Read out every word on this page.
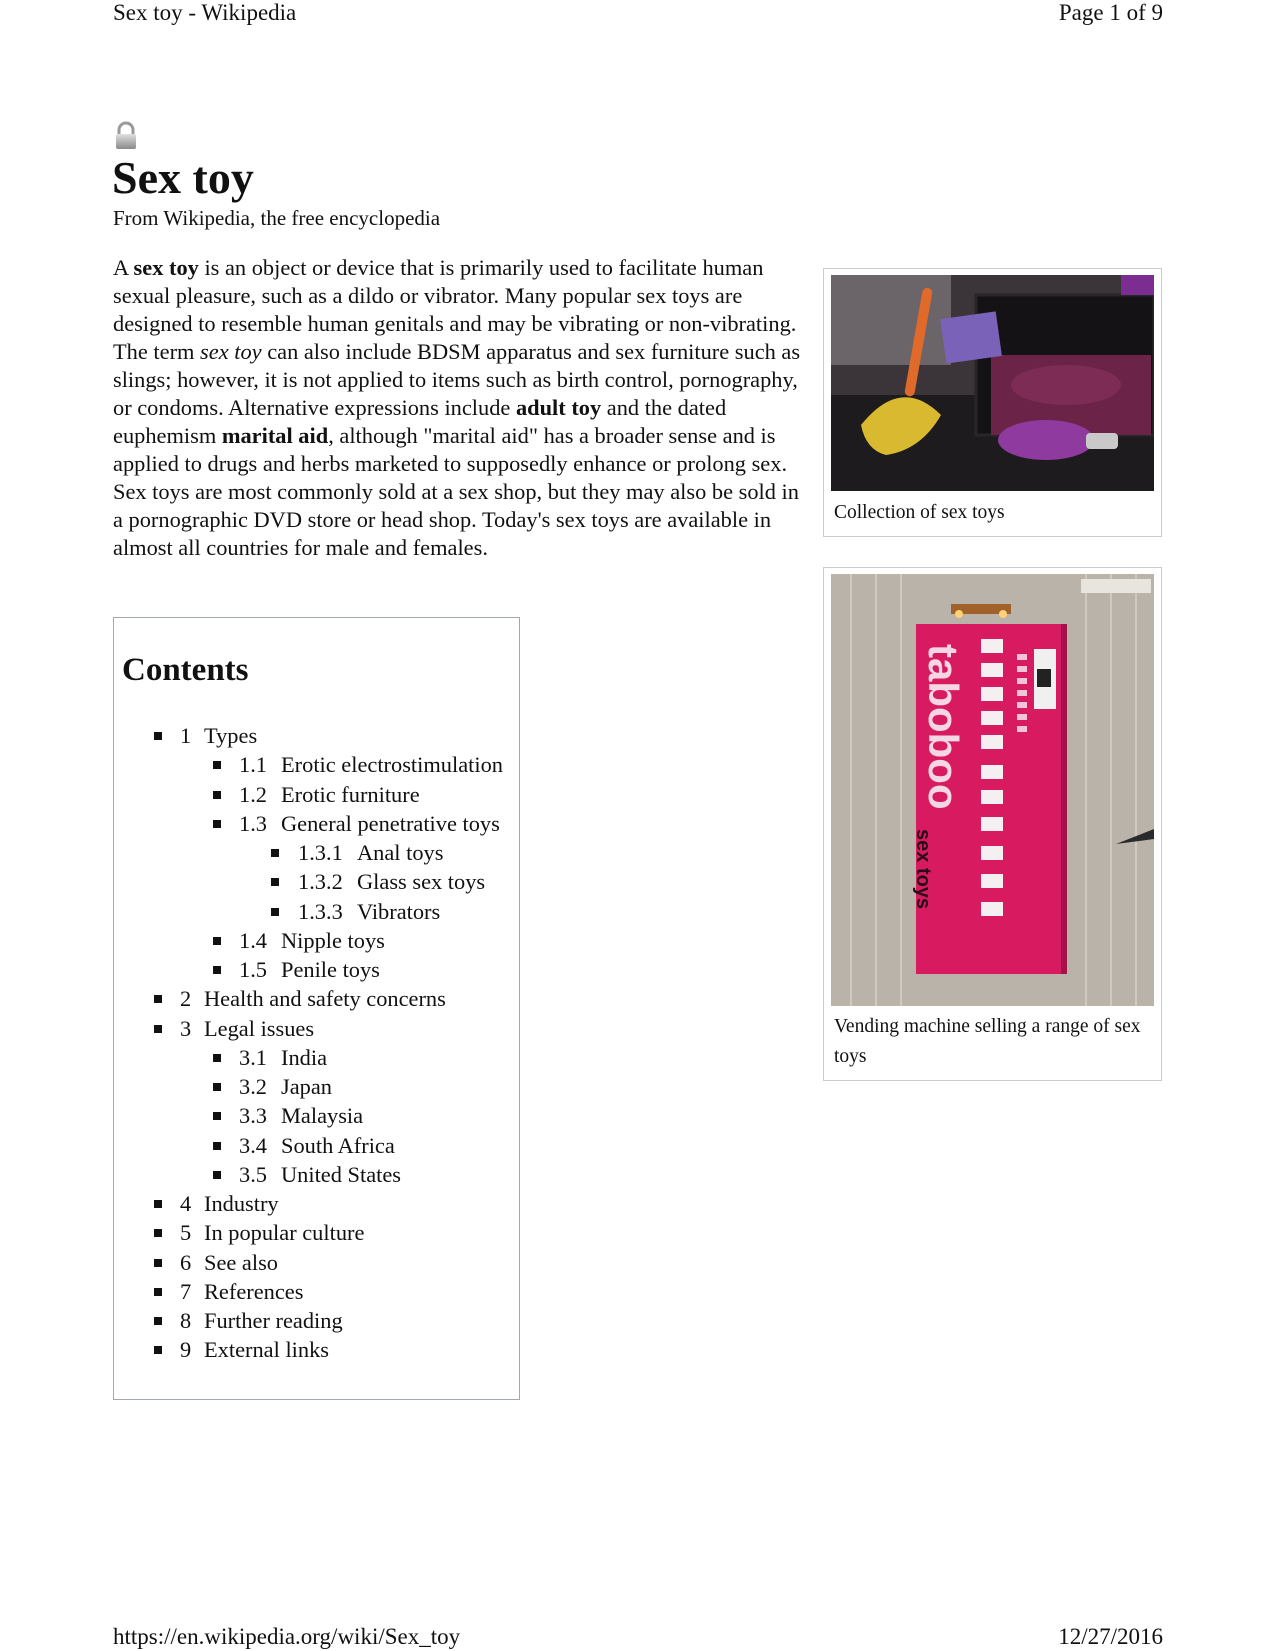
Sex toy - Wikipedia	Page 1 of 9
Sex toy
From Wikipedia, the free encyclopedia

A sex toy is an object or device that is primarily used to facilitate human sexual pleasure, such as a dildo or vibrator. Many popular sex toys are designed to resemble human genitals and may be vibrating or non-vibrating. The term sex toy can also include BDSM apparatus and sex furniture such as slings; however, it is not applied to items such as birth control, pornography, or condoms. Alternative expressions include adult toy and the dated euphemism marital aid, although "marital aid" has a broader sense and is applied to drugs and herbs marketed to supposedly enhance or prolong sex. Sex toys are most commonly sold at a sex shop, but they may also be sold in a pornographic DVD store or head shop. Today's sex toys are available in almost all countries for male and females.

Collection of sex toys
taboboo
sex toys
Vending machine selling a range of sex toys
Contents
1 Types
1.1 Erotic electrostimulation
1.2 Erotic furniture
1.3 General penetrative toys
1.3.1 Anal toys
1.3.2 Glass sex toys
1.3.3 Vibrators
1.4 Nipple toys
1.5 Penile toys
2 Health and safety concerns
3 Legal issues
3.1 India
3.2 Japan
3.3 Malaysia
3.4 South Africa
3.5 United States
4 Industry
5 In popular culture
6 See also
7 References
8 Further reading
9 External links
https://en.wikipedia.org/wiki/Sex_toy	12/27/2016
